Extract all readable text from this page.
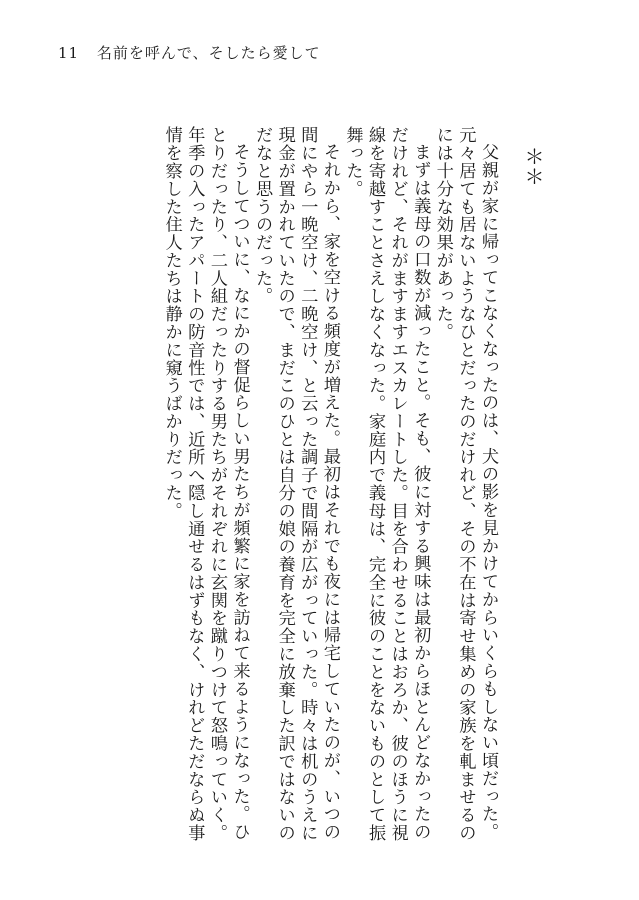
11 名前を呼んで、そしたら愛して
＊＊

父親が家に帰ってこなくなったのは、犬の影を見かけてからいくらもしない頃だった。元々居ても居ないようなひとだったのだけれど、その不在は寄せ集めの家族を軋ませるのには十分な効果があった。

まずは義母の口数が減ったこと。そも、彼に対する興味は最初からほとんどなかったのだけれど、それがますますエスカレートした。目を合わせることはおろか、彼のほうに視線を寄越すことさえしなくなった。家庭内で義母は、完全に彼のことをないものとして振舞った。

それから、家を空ける頻度が増えた。最初はそれでも夜には帰宅していたのが、いつの間にやら一晩空け、二晩空け、と云った調子で間隔が広がっていった。時々は机のうえに現金が置かれていたので、まだこのひとは自分の娘の養育を完全に放棄した訳ではないのだなと思うのだった。

そうしてついに、なにかの督促らしい男たちが頻繁に家を訪ねて来るようになった。ひとりだったり、二人組だったりする男たちがそれぞれに玄関を蹴りつけて怒鳴っていく。年季の入ったアパートの防音性では、近所へ隠し通せるはずもなく、けれどただならぬ事情を察した住人たちは静かに窺うばかりだった。
